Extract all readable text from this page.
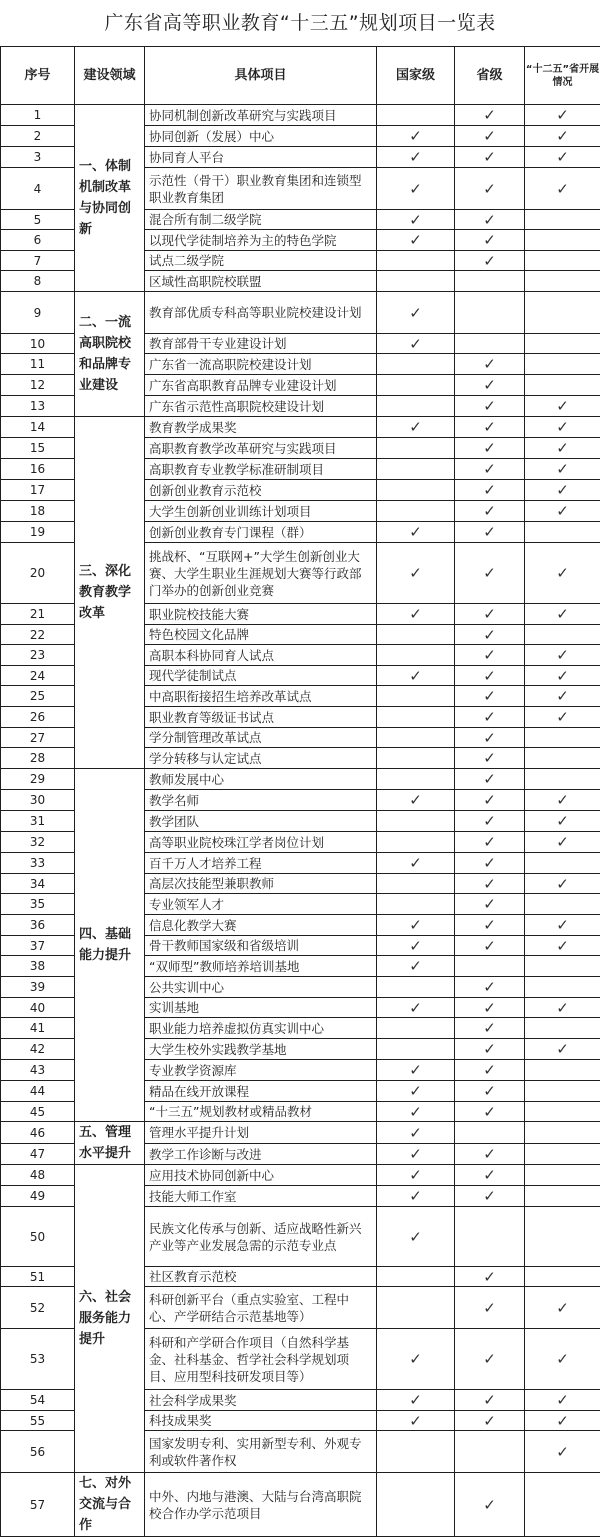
广东省高等职业教育“十三五”规划项目一览表
序号	建设领域	具体项目	国家级	省级	“十二五”省开展情况
1	一、体制机制改革与协同创新	协同机制创新改革研究与实践项目		✓	✓
2		协同创新（发展）中心	✓	✓	✓
3		协同育人平台	✓	✓	✓
4		示范性（骨干）职业教育集团和连锁型职业教育集团	✓	✓	✓
5		混合所有制二级学院	✓	✓	
6		以现代学徒制培养为主的特色学院	✓	✓	
7		试点二级学院		✓	
8		区域性高职院校联盟			
9	二、一流高职院校和品牌专业建设	教育部优质专科高等职业院校建设计划	✓		
10		教育部骨干专业建设计划	✓		
11		广东省一流高职院校建设计划		✓	
12		广东省高职教育品牌专业建设计划		✓	
13		广东省示范性高职院校建设计划		✓	✓
14	三、深化教育教学改革	教育教学成果奖	✓	✓	✓
15		高职教育教学改革研究与实践项目		✓	✓
16		高职教育专业教学标准研制项目		✓	✓
17		创新创业教育示范校		✓	✓
18		大学生创新创业训练计划项目		✓	✓
19		创新创业教育专门课程（群）	✓	✓	
20		挑战杯、“互联网+”大学生创新创业大赛、大学生职业生涯规划大赛等行政部门举办的创新创业竞赛	✓	✓	✓
21		职业院校技能大赛	✓	✓	✓
22		特色校园文化品牌		✓	
23		高职本科协同育人试点		✓	✓
24		现代学徒制试点	✓	✓	✓
25		中高职衔接招生培养改革试点		✓	✓
26		职业教育等级证书试点		✓	✓
27		学分制管理改革试点		✓	
28		学分转移与认定试点		✓	
29	四、基础能力提升	教师发展中心		✓	
30		教学名师	✓	✓	✓
31		教学团队		✓	✓
32		高等职业院校珠江学者岗位计划		✓	✓
33		百千万人才培养工程	✓	✓	
34		高层次技能型兼职教师		✓	✓
35		专业领军人才		✓	
36		信息化教学大赛	✓	✓	✓
37		骨干教师国家级和省级培训	✓	✓	✓
38		“双师型”教师培养培训基地	✓		
39		公共实训中心		✓	
40		实训基地	✓	✓	✓
41		职业能力培养虚拟仿真实训中心		✓	
42		大学生校外实践教学基地		✓	✓
43		专业教学资源库	✓	✓	
44		精品在线开放课程	✓	✓	
45		“十三五”规划教材或精品教材	✓	✓	
46	五、管理水平提升	管理水平提升计划	✓		
47		教学工作诊断与改进	✓	✓	
48	六、社会服务能力提升	应用技术协同创新中心	✓	✓	
49		技能大师工作室	✓	✓	
50		民族文化传承与创新、适应战略性新兴产业等产业发展急需的示范专业点	✓		
51		社区教育示范校		✓	
52		科研创新平台（重点实验室、工程中心、产学研结合示范基地等）		✓	✓
53		科研和产学研合作项目（自然科学基金、社科基金、哲学社会科学规划项目、应用型科技研发项目等）	✓	✓	✓
54		社会科学成果奖	✓	✓	✓
55		科技成果奖	✓	✓	✓
56		国家发明专利、实用新型专利、外观专利或软件著作权			✓
57	七、对外交流与合作	中外、内地与港澳、大陆与台湾高职院校合作办学示范项目		✓	
